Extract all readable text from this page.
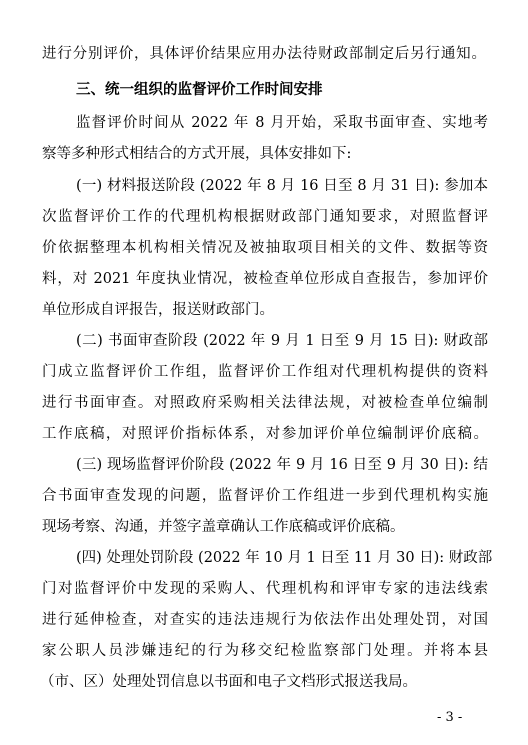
进行分别评价，具体评价结果应用办法待财政部制定后另行通知。
三、统一组织的监督评价工作时间安排
监督评价时间从 2022 年 8 月开始，采取书面审查、实地考
察等多种形式相结合的方式开展，具体安排如下:
(一) 材料报送阶段 (2022 年 8 月 16 日至 8 月 31 日): 参加本
次监督评价工作的代理机构根据财政部门通知要求，对照监督评
价依据整理本机构相关情况及被抽取项目相关的文件、数据等资
料，对 2021 年度执业情况，被检查单位形成自查报告，参加评价
单位形成自评报告，报送财政部门。
(二) 书面审查阶段 (2022 年 9 月 1 日至 9 月 15 日): 财政部
门成立监督评价工作组，监督评价工作组对代理机构提供的资料
进行书面审查。对照政府采购相关法律法规，对被检查单位编制
工作底稿，对照评价指标体系，对参加评价单位编制评价底稿。
(三) 现场监督评价阶段 (2022 年 9 月 16 日至 9 月 30 日): 结
合书面审查发现的问题，监督评价工作组进一步到代理机构实施
现场考察、沟通，并签字盖章确认工作底稿或评价底稿。
(四) 处理处罚阶段 (2022 年 10 月 1 日至 11 月 30 日): 财政部
门对监督评价中发现的采购人、代理机构和评审专家的违法线索
进行延伸检查，对查实的违法违规行为依法作出处理处罚，对国
家公职人员涉嫌违纪的行为移交纪检监察部门处理。并将本县
（市、区）处理处罚信息以书面和电子文档形式报送我局。
- 3 -
